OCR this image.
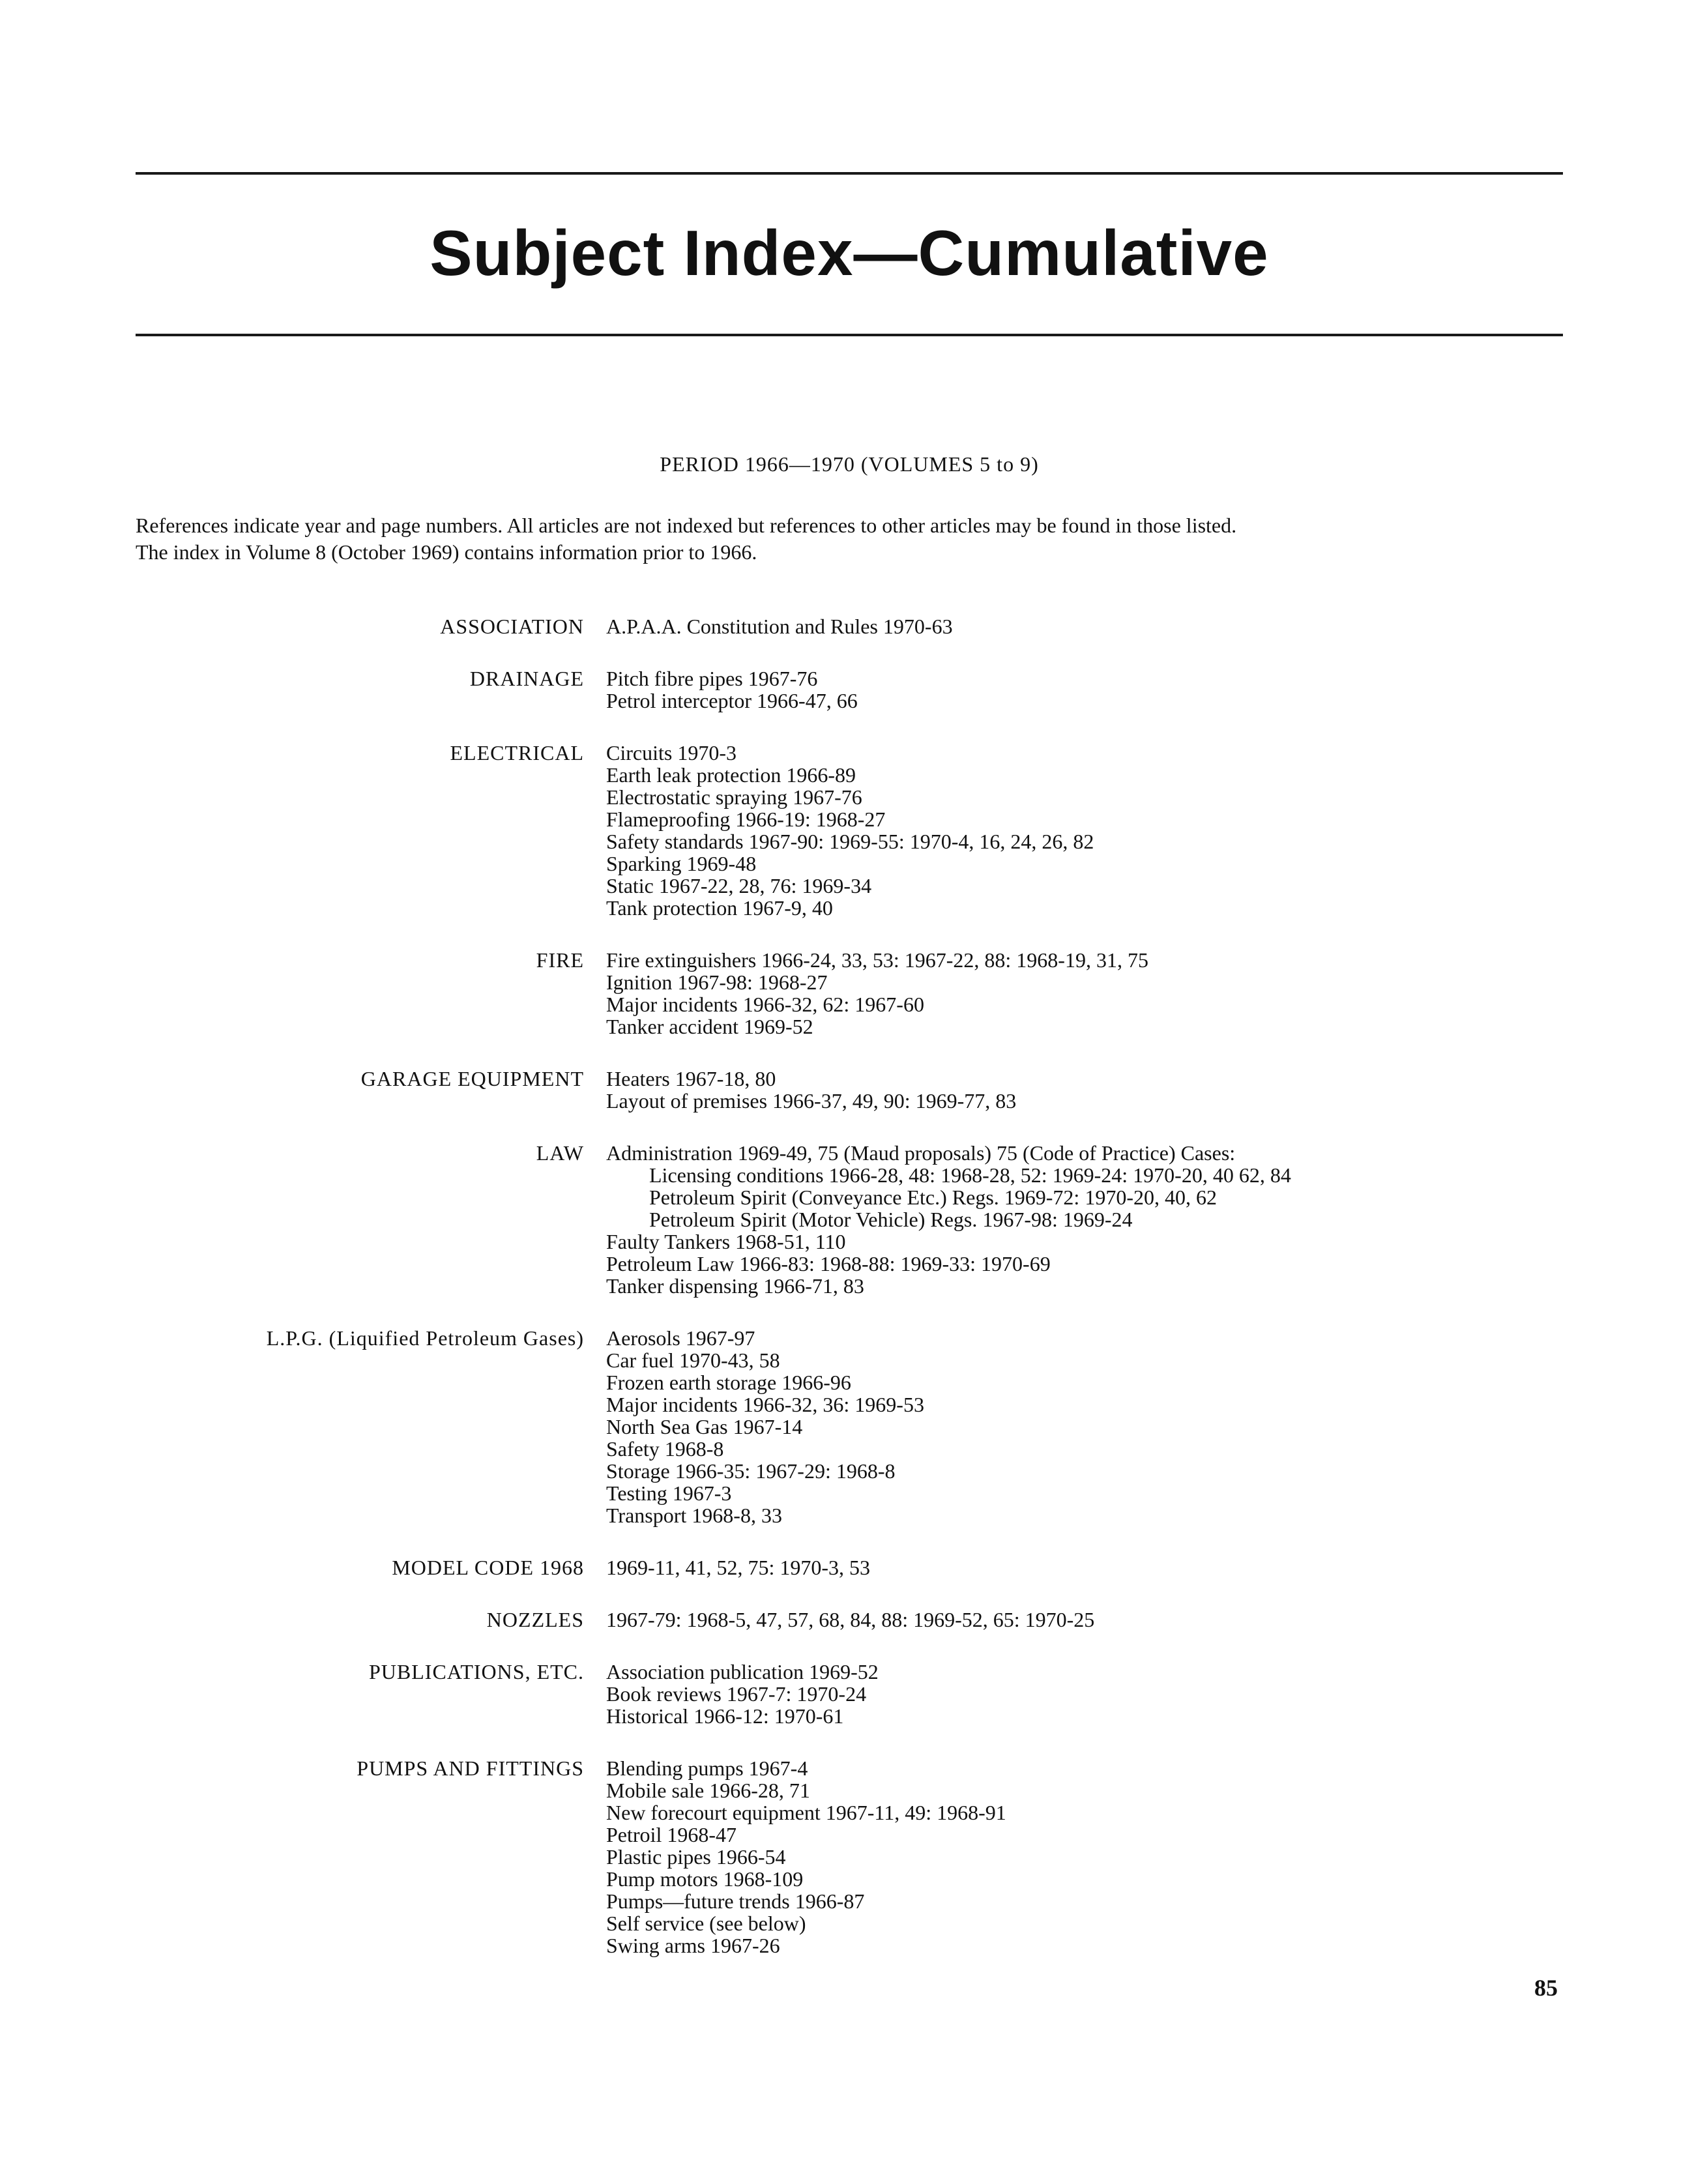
Subject Index—Cumulative
PERIOD 1966—1970 (VOLUMES 5 to 9)

References indicate year and page numbers. All articles are not indexed but references to other articles may be found in those listed.

The index in Volume 8 (October 1969) contains information prior to 1966.

ASSOCIATION	A.P.A.A. Constitution and Rules 1970-63
DRAINAGE	Pitch fibre pipes 1967-76
Petrol interceptor 1966-47, 66
ELECTRICAL	Circuits 1970-3
Earth leak protection 1966-89
Electrostatic spraying 1967-76
Flameproofing 1966-19: 1968-27
Safety standards 1967-90: 1969-55: 1970-4, 16, 24, 26, 82
Sparking 1969-48
Static 1967-22, 28, 76: 1969-34
Tank protection 1967-9, 40
FIRE	Fire extinguishers 1966-24, 33, 53: 1967-22, 88: 1968-19, 31, 75
Ignition 1967-98: 1968-27
Major incidents 1966-32, 62: 1967-60
Tanker accident 1969-52
GARAGE EQUIPMENT	Heaters 1967-18, 80
Layout of premises 1966-37, 49, 90: 1969-77, 83
LAW	Administration 1969-49, 75 (Maud proposals) 75 (Code of Practice) Cases:
Licensing conditions 1966-28, 48: 1968-28, 52: 1969-24: 1970-20, 40 62, 84
Petroleum Spirit (Conveyance Etc.) Regs. 1969-72: 1970-20, 40, 62
Petroleum Spirit (Motor Vehicle) Regs. 1967-98: 1969-24
Faulty Tankers 1968-51, 110
Petroleum Law 1966-83: 1968-88: 1969-33: 1970-69
Tanker dispensing 1966-71, 83
L.P.G. (Liquified Petroleum Gases)	Aerosols 1967-97
Car fuel 1970-43, 58
Frozen earth storage 1966-96
Major incidents 1966-32, 36: 1969-53
North Sea Gas 1967-14
Safety 1968-8
Storage 1966-35: 1967-29: 1968-8
Testing 1967-3
Transport 1968-8, 33
MODEL CODE 1968	1969-11, 41, 52, 75: 1970-3, 53
NOZZLES	1967-79: 1968-5, 47, 57, 68, 84, 88: 1969-52, 65: 1970-25
PUBLICATIONS, ETC.	Association publication 1969-52
Book reviews 1967-7: 1970-24
Historical 1966-12: 1970-61
PUMPS AND FITTINGS	Blending pumps 1967-4
Mobile sale 1966-28, 71
New forecourt equipment 1967-11, 49: 1968-91
Petroil 1968-47
Plastic pipes 1966-54
Pump motors 1968-109
Pumps—future trends 1966-87
Self service (see below)
Swing arms 1967-26
85
